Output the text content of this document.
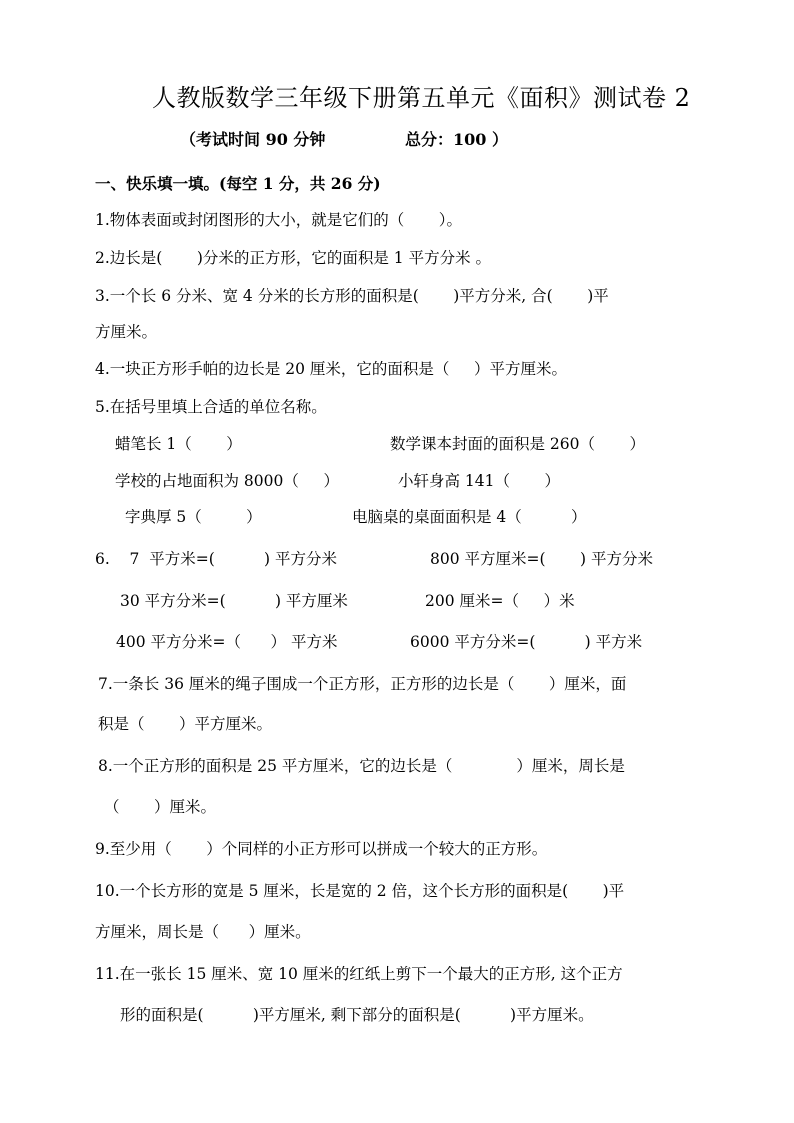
人教版数学三年级下册第五单元《面积》测试卷 2
（考试时间 90 分钟	总分：100 ）
一、快乐填一填。(每空 1 分，共 26 分)
1.物体表面或封闭图形的大小，就是它们的（       ）。
2.边长是(       )分米的正方形，它的面积是 1 平方分米 。
3.一个长 6 分米、宽 4 分米的长方形的面积是(       )平方分米, 合(       )平
方厘米。
4.一块正方形手帕的边长是 20 厘米，它的面积是（     ）平方厘米。
5.在括号里填上合适的单位名称。
蜡笔长 1（       ）	数学课本封面的面积是 260（       ）
学校的占地面积为 8000（     ）	小轩身高 141（       ）
字典厚 5（         ）	电脑桌的桌面面积是 4（          ）
6.    7  平方米=(          ) 平方分米	800 平方厘米=(       ) 平方分米
30 平方分米=(          ) 平方厘米	200 厘米=（     ）米
400 平方分米=（      ） 平方米	6000 平方分米=(          ) 平方米
7.一条长 36 厘米的绳子围成一个正方形，正方形的边长是（       ）厘米，面
积是（       ）平方厘米。
8.一个正方形的面积是 25 平方厘米，它的边长是（             ）厘米，周长是
（       ）厘米。
9.至少用（       ）个同样的小正方形可以拼成一个较大的正方形。
10.一个长方形的宽是 5 厘米，长是宽的 2 倍，这个长方形的面积是(       )平
方厘米，周长是（      ）厘米。
11.在一张长 15 厘米、宽 10 厘米的红纸上剪下一个最大的正方形, 这个正方
形的面积是(          )平方厘米, 剩下部分的面积是(          )平方厘米。
